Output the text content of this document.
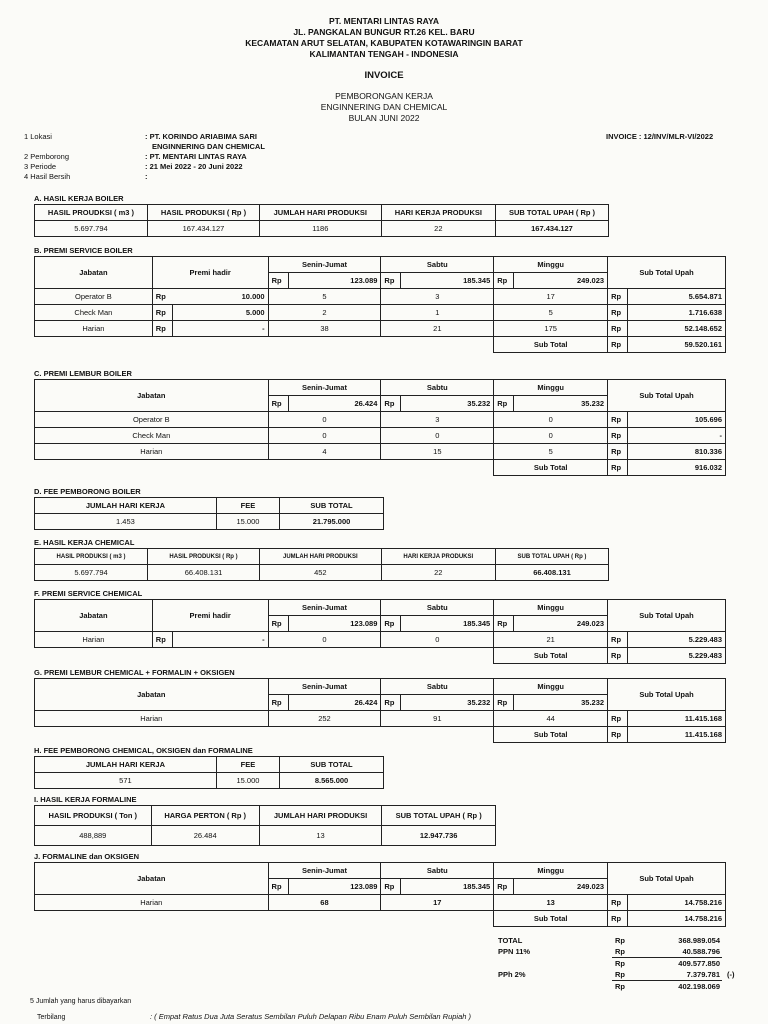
PT. MENTARI LINTAS RAYA
JL. PANGKALAN BUNGUR RT.26 KEL. BARU
KECAMATAN ARUT SELATAN, KABUPATEN KOTAWARINGIN BARAT
KALIMANTAN TENGAH - INDONESIA
INVOICE
PEMBORONGAN KERJA
ENGINNERING DAN CHEMICAL
BULAN JUNI 2022
1 Lokasi	: PT. KORINDO ARIABIMA SARI
ENGINNERING DAN CHEMICAL
2 Pemborong	: PT. MENTARI LINTAS RAYA
3 Periode	: 21 Mei 2022 - 20 Juni 2022
4 Hasil Bersih	:
INVOICE : 12/INV/MLR-VI/2022
A. HASIL KERJA BOILER
HASIL PROUDKSI ( m3 )	HASIL PRODUKSI ( Rp )	JUMLAH HARI PRODUKSI	HARI KERJA PRODUKSI	SUB TOTAL UPAH ( Rp )
5.697.794	167.434.127	1186	22	167.434.127
B. PREMI SERVICE BOILER
Jabatan	Premi hadir		Senin-Jumat		Sabtu		Minggu		Sub Total Upah	
			Rp	123.089	Rp	185.345	Rp	249.023		
Operator B	Rp	10.000	5		3		17		Rp	5.654.871
Check Man	Rp	5.000	2		1		5		Rp	1.716.638
Harian	Rp	-	38		21		175		Rp	52.148.652
							Sub Total		Rp	59.520.161
C. PREMI LEMBUR BOILER
Jabatan	Senin-Jumat		Sabtu		Minggu		Sub Total Upah	
	Rp	26.424	Rp	35.232	Rp	35.232		
Operator B	0		3		0		Rp	105.696
Check Man	0		0		0		Rp	-
Harian	4		15		5		Rp	810.336
					Sub Total		Rp	916.032
D. FEE PEMBORONG BOILER
JUMLAH HARI KERJA	FEE	SUB TOTAL
1.453	15.000	21.795.000
E. HASIL KERJA CHEMICAL
HASIL PRODUKSI ( m3 )	HASIL PRODUKSI ( Rp )	JUMLAH HARI PRODUKSI	HARI KERJA PRODUKSI	SUB TOTAL UPAH ( Rp )
5.697.794	66.408.131	452	22	66.408.131
F. PREMI SERVICE CHEMICAL
Jabatan	Premi hadir		Senin-Jumat		Sabtu		Minggu		Sub Total Upah	
			Rp	123.089	Rp	185.345	Rp	249.023		
Harian	Rp	-	0		0		21		Rp	5.229.483
							Sub Total		Rp	5.229.483
G. PREMI LEMBUR CHEMICAL + FORMALIN + OKSIGEN
Jabatan	Senin-Jumat		Sabtu		Minggu		Sub Total Upah	
	Rp	26.424	Rp	35.232	Rp	35.232		
Harian	252		91		44		Rp	11.415.168
					Sub Total		Rp	11.415.168
H. FEE PEMBORONG CHEMICAL, OKSIGEN dan FORMALINE
JUMLAH HARI KERJA	FEE	SUB TOTAL
571	15.000	8.565.000
I. HASIL KERJA FORMALINE
HASIL PRODUKSI ( Ton )	HARGA PERTON ( Rp )	JUMLAH HARI PRODUKSI	SUB TOTAL UPAH ( Rp )
488,889	26.484	13	12.947.736
J. FORMALINE dan OKSIGEN
Jabatan	Senin-Jumat		Sabtu		Minggu		Sub Total Upah	
	Rp	123.089	Rp	185.345	Rp	249.023		
Harian	68		17		13		Rp	14.758.216
					Sub Total		Rp	14.758.216
TOTAL	Rp	368.989.054
PPN 11%	Rp	40.588.796
Rp	409.577.850
PPh 2%	Rp	7.379.781 (-)
Rp	402.198.069
5 Jumlah yang harus dibayarkan
Terbilang	: ( Empat Ratus Dua Juta Seratus Sembilan Puluh Delapan Ribu Enam Puluh Sembilan Rupiah )
